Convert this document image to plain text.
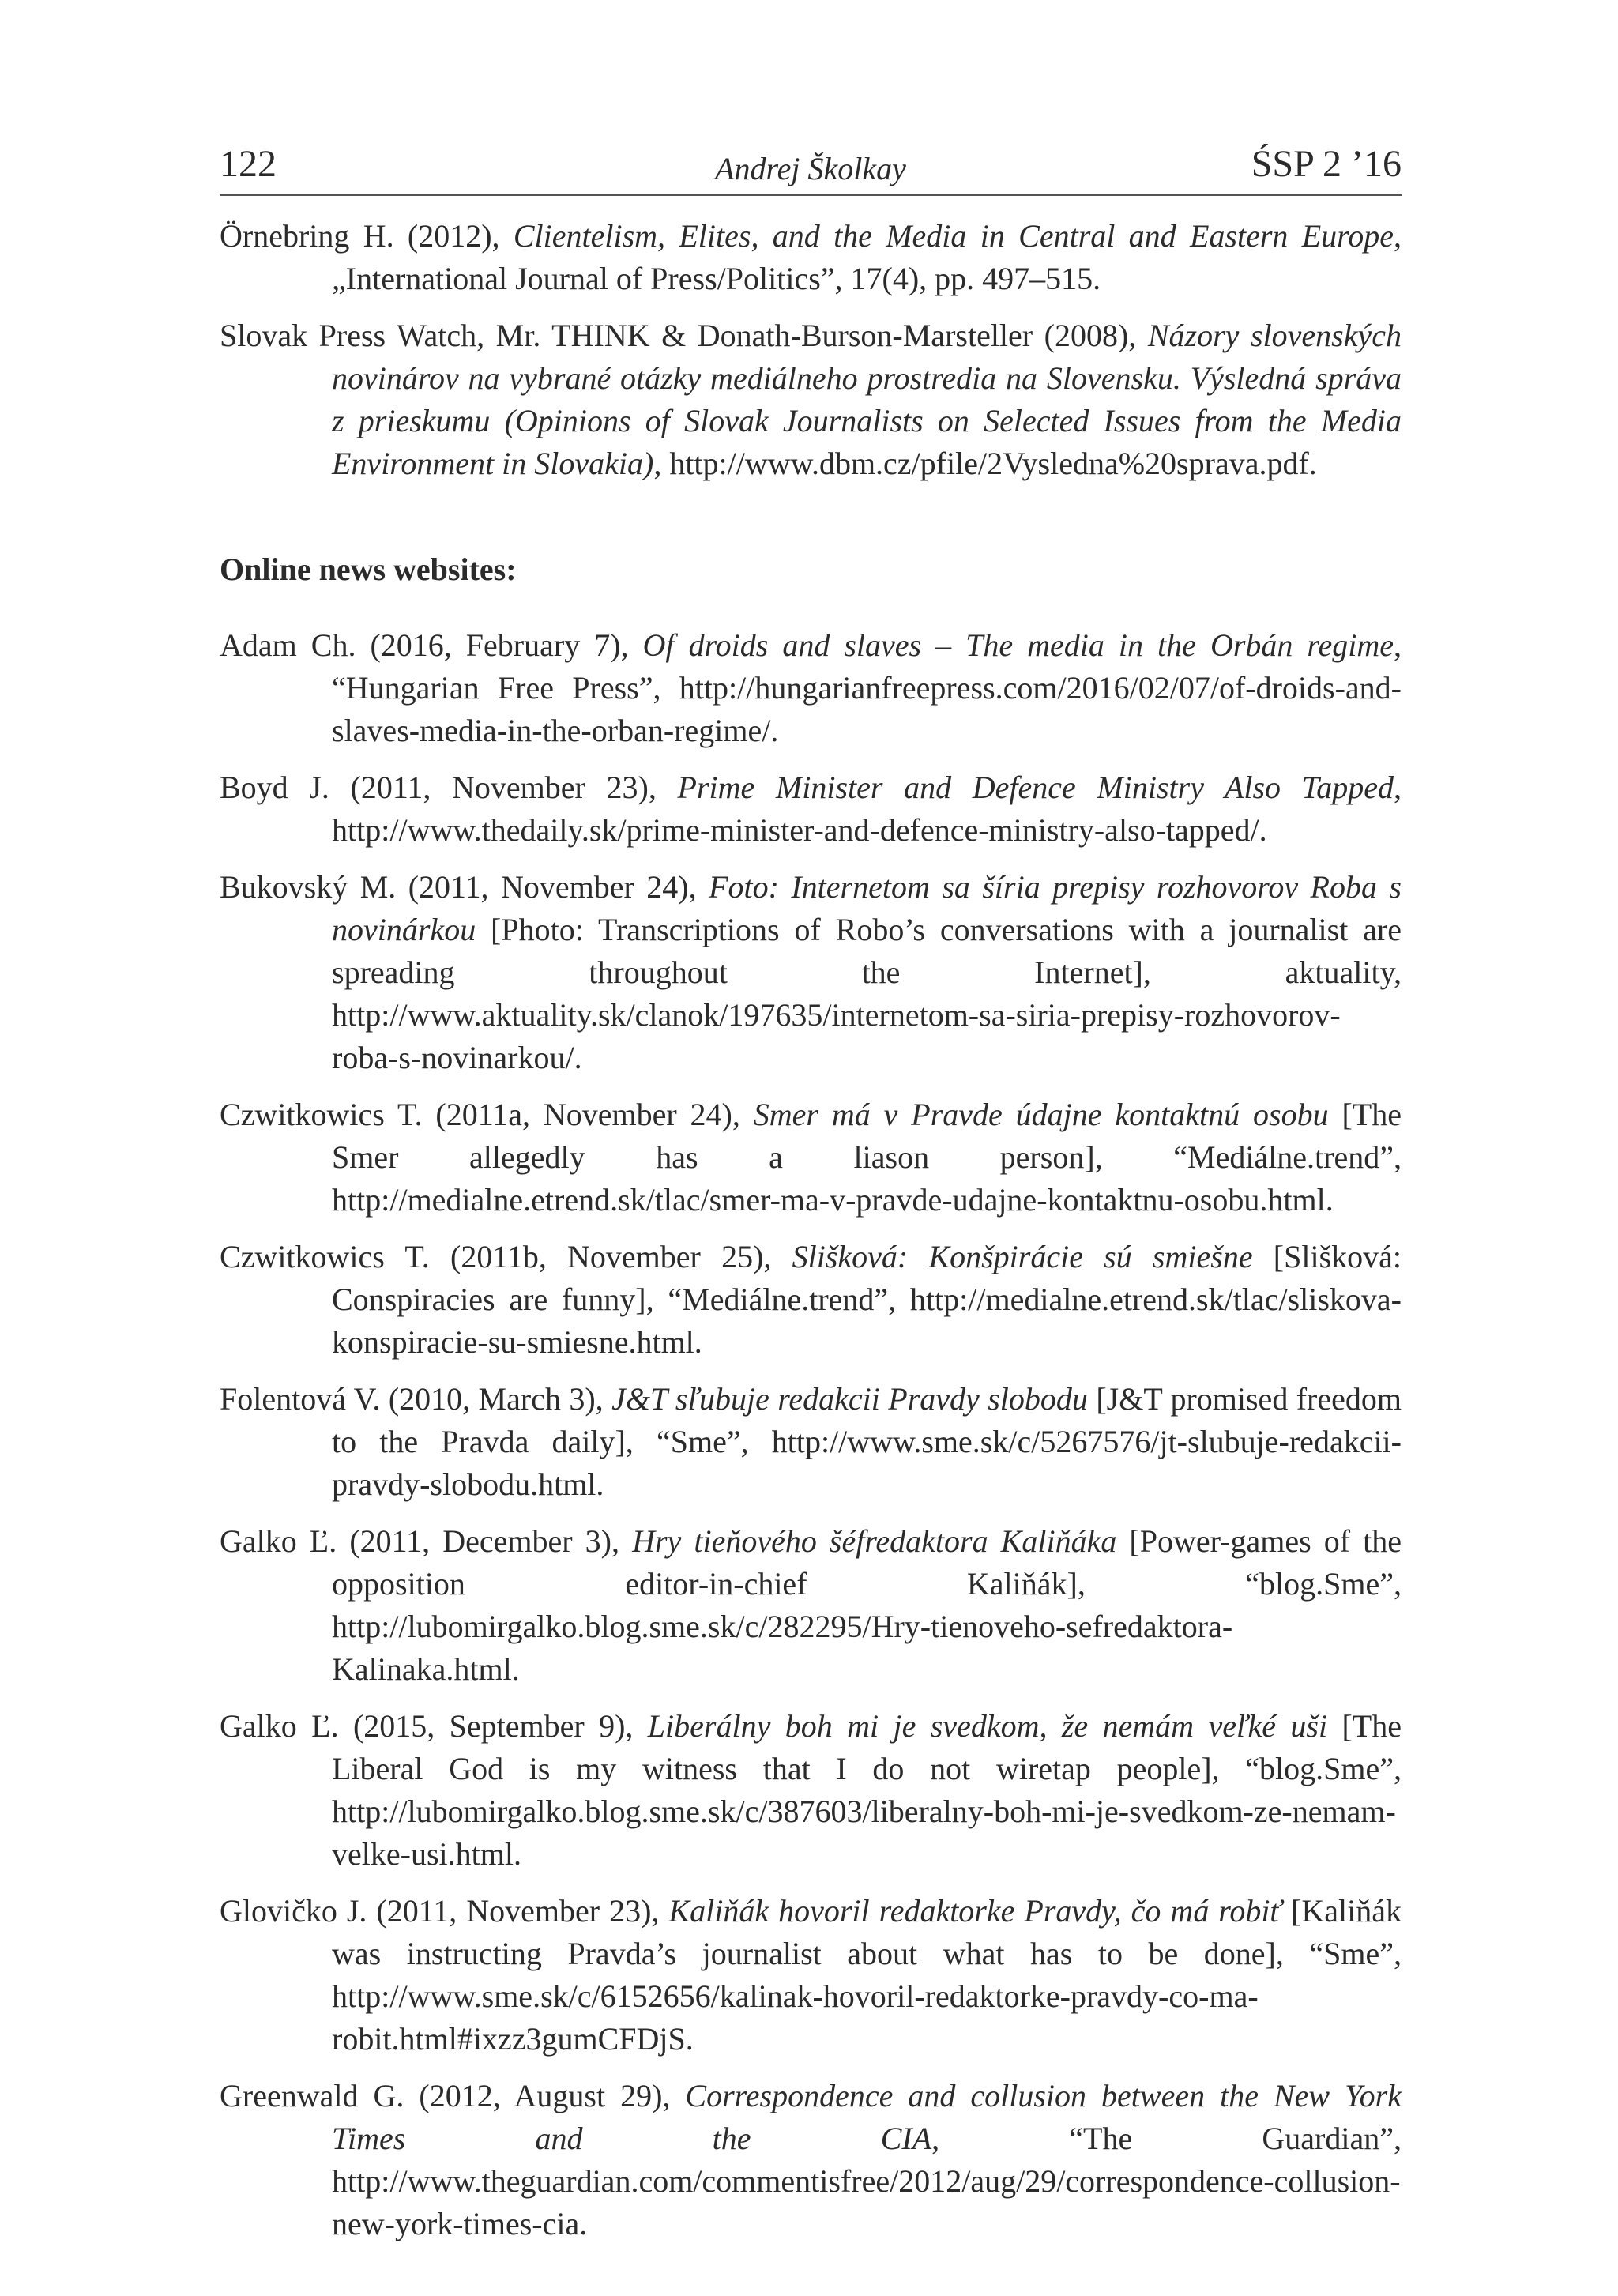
122	Andrej Školkay	ŚSP 2 ’16
Örnebring H. (2012), Clientelism, Elites, and the Media in Central and Eastern Europe, „International Journal of Press/Politics”, 17(4), pp. 497–515.
Slovak Press Watch, Mr. THINK & Donath-Burson-Marsteller (2008), Názory slovenských novinárov na vybrané otázky mediálneho prostredia na Slovensku. Výsledná správa z prieskumu (Opinions of Slovak Journalists on Selected Issues from the Media Environment in Slovakia), http://www.dbm.cz/pfile/2Vysledna%20sprava.pdf.
Online news websites:
Adam Ch. (2016, February 7), Of droids and slaves – The media in the Orbán regime, “Hungarian Free Press”, http://hungarianfreepress.com/2016/02/07/of-droids-and- slaves-media-in-the-orban-regime/.
Boyd J. (2011, November 23), Prime Minister and Defence Ministry Also Tapped, http://www.thedaily.sk/prime-minister-and-defence-ministry-also-tapped/.
Bukovský M. (2011, November 24), Foto: Internetom sa šíria prepisy rozhovorov Roba s novinárkou [Photo: Transcriptions of Robo’s conversations with a journalist are spreading throughout the Internet], aktuality, http://www.aktuality.sk/clanok/197635/internetom-sa-siria-prepisy-rozhovorov-roba-s-novinarkou/.
Czwitkowics T. (2011a, November 24), Smer má v Pravde údajne kontaktnú osobu [The Smer allegedly has a liason person], “Mediálne.trend”, http://medialne.etrend.sk/tlac/smer-ma-v-pravde-udajne-kontaktnu-osobu.html.
Czwitkowics T. (2011b, November 25), Slišková: Konšpirácie sú smiešne [Slišková: Conspiracies are funny], “Mediálne.trend”, http://medialne.etrend.sk/tlac/sliskova-konspiracie-su-smiesne.html.
Folentová V. (2010, March 3), J&T sľubuje redakcii Pravdy slobodu [J&T promised freedom to the Pravda daily], “Sme”, http://www.sme.sk/c/5267576/jt-slubuje-redakcii-pravdy-slobodu.html.
Galko Ľ. (2011, December 3), Hry tieňového šéfredaktora Kaliňáka [Power-games of the opposition editor-in-chief Kaliňák], “blog.Sme”, http://lubomirgalko.blog.sme.sk/c/282295/Hry-tienoveho-sefredaktora-Kalinaka.html.
Galko Ľ. (2015, September 9), Liberálny boh mi je svedkom, že nemám veľké uši [The Liberal God is my witness that I do not wiretap people], “blog.Sme”, http://lubomirgalko.blog.sme.sk/c/387603/liberalny-boh-mi-je-svedkom-ze-nemam-velke-usi.html.
Glovičko J. (2011, November 23), Kaliňák hovoril redaktorke Pravdy, čo má robiť [Kaliňák was instructing Pravda’s journalist about what has to be done], “Sme”, http://www.sme.sk/c/6152656/kalinak-hovoril-redaktorke-pravdy-co-ma-robit.html#ixzz3gumCFDjS.
Greenwald G. (2012, August 29), Correspondence and collusion between the New York Times and the CIA, “The Guardian”, http://www.theguardian.com/commentisfree/2012/aug/29/correspondence-collusion-new-york-times-cia.
